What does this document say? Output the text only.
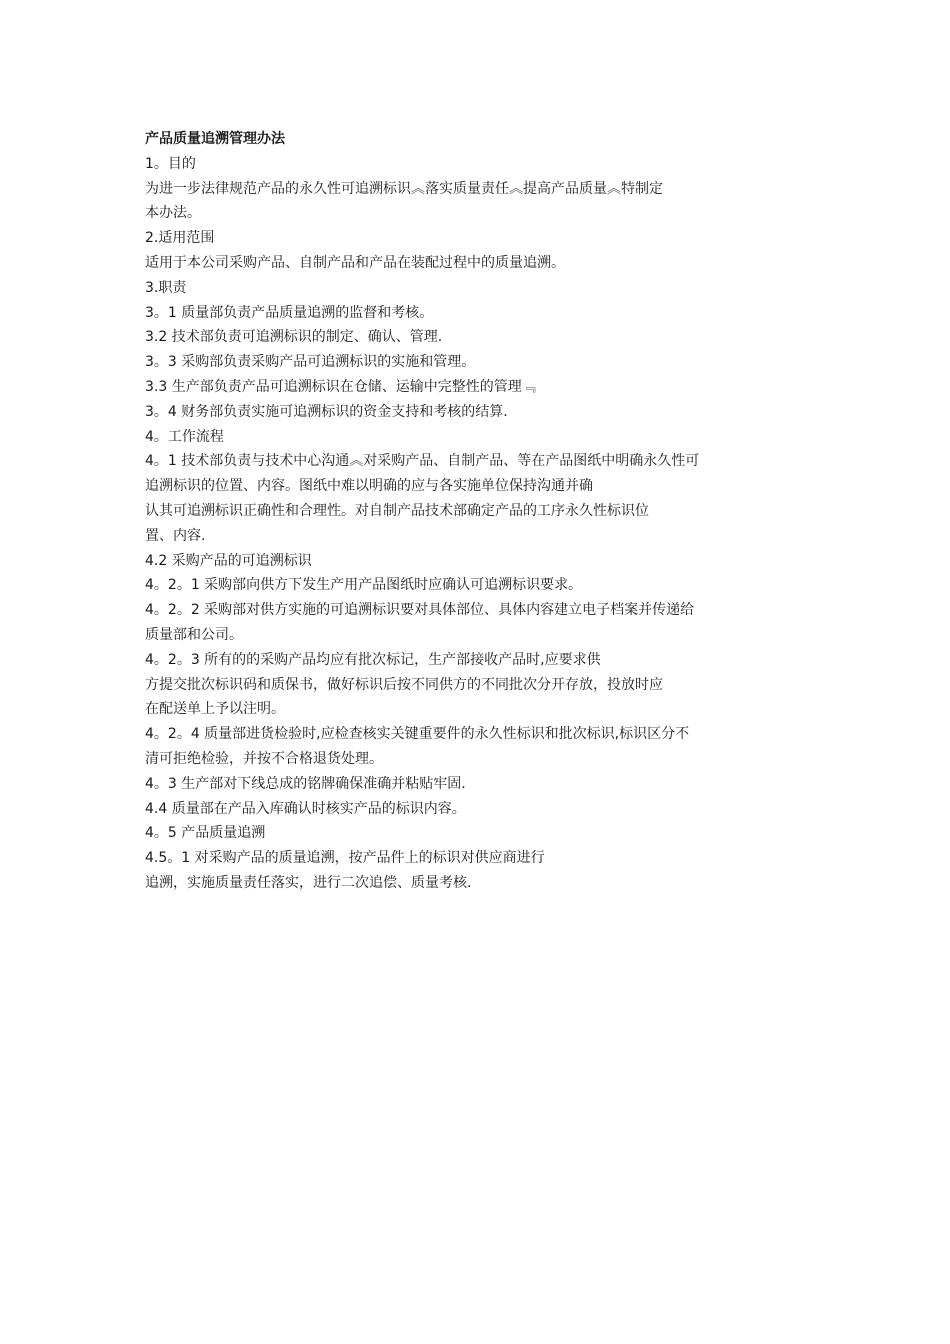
产品质量追溯管理办法

1。目的

为进一步法律规范产品的永久性可追溯标识︽落实质量责任︽提高产品质量︽特制定

本办法。

2.适用范围

适用于本公司采购产品、自制产品和产品在装配过程中的质量追溯。

3.职责

3。1 质量部负责产品质量追溯的监督和考核。

3.2 技术部负责可追溯标识的制定、确认、管理.

3。3 采购部负责采购产品可追溯标识的实施和管理。

3.3 生产部负责产品可追溯标识在仓储、运输中完整性的管理﹃

3。4 财务部负责实施可追溯标识的资金支持和考核的结算.

4。工作流程

4。1 技术部负责与技术中心沟通︽对采购产品、自制产品、等在产品图纸中明确永久性可

追溯标识的位置、内容。图纸中难以明确的应与各实施单位保持沟通并确

认其可追溯标识正确性和合理性。对自制产品技术部确定产品的工序永久性标识位

置、内容.

4.2 采购产品的可追溯标识

4。2。1 采购部向供方下发生产用产品图纸时应确认可追溯标识要求。

4。2。2 采购部对供方实施的可追溯标识要对具体部位、具体内容建立电子档案并传递给

质量部和公司。

4。2。3 所有的的采购产品均应有批次标记，生产部接收产品时,应要求供

方提交批次标识码和质保书，做好标识后按不同供方的不同批次分开存放，投放时应

在配送单上予以注明。

4。2。4 质量部进货检验时,应检查核实关键重要件的永久性标识和批次标识,标识区分不

清可拒绝检验，并按不合格退货处理。

4。3 生产部对下线总成的铭牌确保准确并粘贴牢固.

4.4 质量部在产品入库确认时核实产品的标识内容。

4。5 产品质量追溯

4.5。1 对采购产品的质量追溯，按产品件上的标识对供应商进行

追溯，实施质量责任落实，进行二次追偿、质量考核.
